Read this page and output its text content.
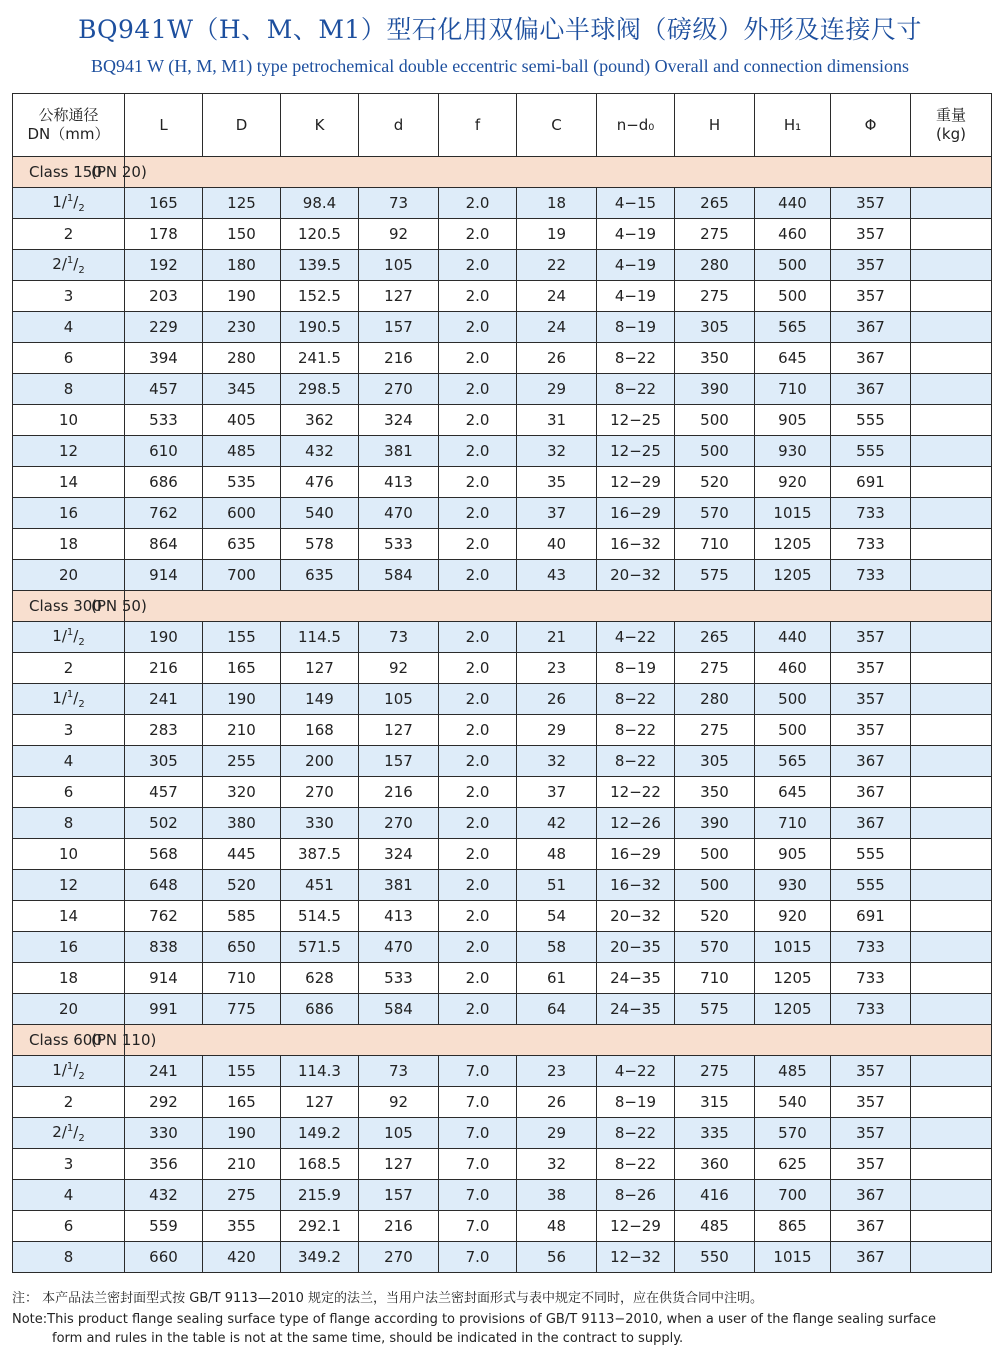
BQ941W（H、M、M1）型石化用双偏心半球阀（磅级）外形及连接尺寸
BQ941 W (H, M, M1) type petrochemical double eccentric semi-ball (pound) Overall and connection dimensions
公称通径
DN（mm）	L	D	K	d	f	C	n−d₀	H	H₁	Φ	重量
(kg)
Class 150	(PN 20)										
$1/^1/_2$	165	125	98.4	73	2.0	18	4−15	265	440	357	
2	178	150	120.5	92	2.0	19	4−19	275	460	357	
$2/^1/_2$	192	180	139.5	105	2.0	22	4−19	280	500	357	
3	203	190	152.5	127	2.0	24	4−19	275	500	357	
4	229	230	190.5	157	2.0	24	8−19	305	565	367	
6	394	280	241.5	216	2.0	26	8−22	350	645	367	
8	457	345	298.5	270	2.0	29	8−22	390	710	367	
10	533	405	362	324	2.0	31	12−25	500	905	555	
12	610	485	432	381	2.0	32	12−25	500	930	555	
14	686	535	476	413	2.0	35	12−29	520	920	691	
16	762	600	540	470	2.0	37	16−29	570	1015	733	
18	864	635	578	533	2.0	40	16−32	710	1205	733	
20	914	700	635	584	2.0	43	20−32	575	1205	733	
Class 300	(PN 50)										
$1/^1/_2$	190	155	114.5	73	2.0	21	4−22	265	440	357	
2	216	165	127	92	2.0	23	8−19	275	460	357	
$1/^1/_2$	241	190	149	105	2.0	26	8−22	280	500	357	
3	283	210	168	127	2.0	29	8−22	275	500	357	
4	305	255	200	157	2.0	32	8−22	305	565	367	
6	457	320	270	216	2.0	37	12−22	350	645	367	
8	502	380	330	270	2.0	42	12−26	390	710	367	
10	568	445	387.5	324	2.0	48	16−29	500	905	555	
12	648	520	451	381	2.0	51	16−32	500	930	555	
14	762	585	514.5	413	2.0	54	20−32	520	920	691	
16	838	650	571.5	470	2.0	58	20−35	570	1015	733	
18	914	710	628	533	2.0	61	24−35	710	1205	733	
20	991	775	686	584	2.0	64	24−35	575	1205	733	
Class 600	(PN 110)										
$1/^1/_2$	241	155	114.3	73	7.0	23	4−22	275	485	357	
2	292	165	127	92	7.0	26	8−19	315	540	357	
$2/^1/_2$	330	190	149.2	105	7.0	29	8−22	335	570	357	
3	356	210	168.5	127	7.0	32	8−22	360	625	357	
4	432	275	215.9	157	7.0	38	8−26	416	700	367	
6	559	355	292.1	216	7.0	48	12−29	485	865	367	
8	660	420	349.2	270	7.0	56	12−32	550	1015	367	
注： 本产品法兰密封面型式按 GB/T 9113—2010 规定的法兰，当用户法兰密封面形式与表中规定不同时，应在供货合同中注明。
Note:This product flange sealing surface type of flange according to provisions of GB/T 9113−2010, when a user of the flange sealing surface
form and rules in the table is not at the same time, should be indicated in the contract to supply.
